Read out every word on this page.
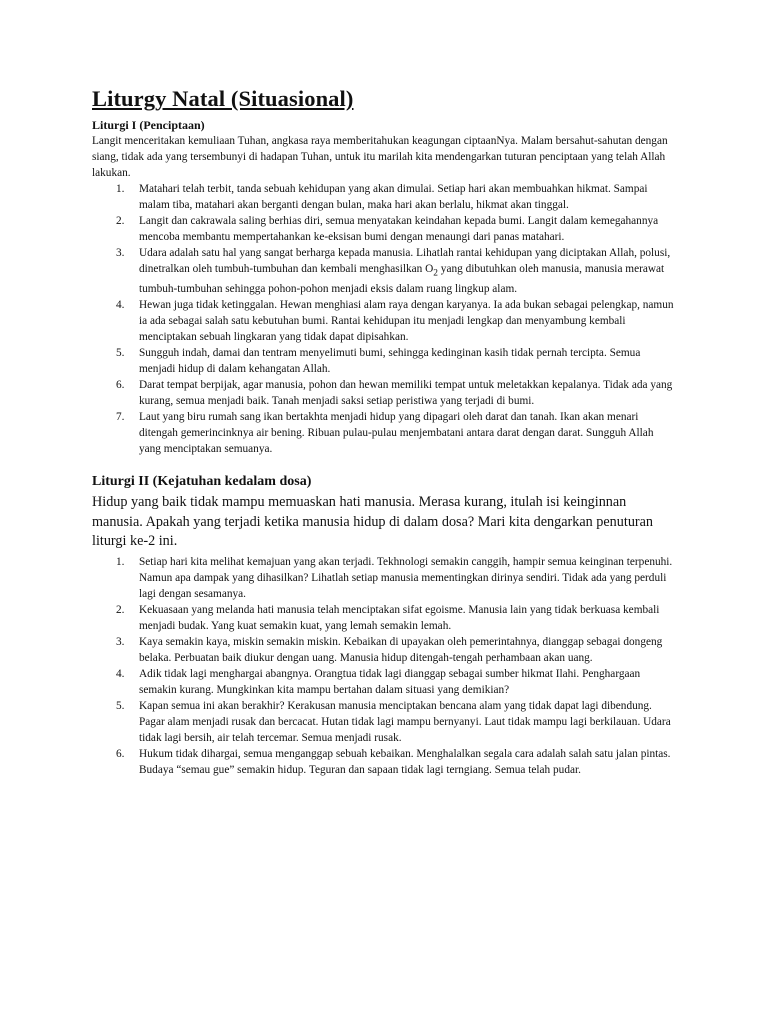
Liturgy Natal (Situasional)
Liturgi I (Penciptaan)

Langit menceritakan kemuliaan Tuhan, angkasa raya memberitahukan keagungan ciptaanNya. Malam bersahut-sahutan dengan siang, tidak ada yang tersembunyi di hadapan Tuhan, untuk itu marilah kita mendengarkan tuturan penciptaan yang telah Allah lakukan.

1. Matahari telah terbit, tanda sebuah kehidupan yang akan dimulai. Setiap hari akan membuahkan hikmat. Sampai malam tiba, matahari akan berganti dengan bulan, maka hari akan berlalu, hikmat akan tinggal.
2. Langit dan cakrawala saling berhias diri, semua menyatakan keindahan kepada bumi. Langit dalam kemegahannya mencoba membantu mempertahankan ke-eksisan bumi dengan menaungi dari panas matahari.
3. Udara adalah satu hal yang sangat berharga kepada manusia. Lihatlah rantai kehidupan yang diciptakan Allah, polusi, dinetralkan oleh tumbuh-tumbuhan dan kembali menghasilkan $O_2$ yang dibutuhkan oleh manusia, manusia merawat tumbuh-tumbuhan sehingga pohon-pohon menjadi eksis dalam ruang lingkup alam.
4. Hewan juga tidak ketinggalan. Hewan menghiasi alam raya dengan karyanya. Ia ada bukan sebagai pelengkap, namun ia ada sebagai salah satu kebutuhan bumi. Rantai kehidupan itu menjadi lengkap dan menyambung kembali menciptakan sebuah lingkaran yang tidak dapat dipisahkan.
5. Sungguh indah, damai dan tentram menyelimuti bumi, sehingga kedinginan kasih tidak pernah tercipta. Semua menjadi hidup di dalam kehangatan Allah.
6. Darat tempat berpijak, agar manusia, pohon dan hewan memiliki tempat untuk meletakkan kepalanya. Tidak ada yang kurang, semua menjadi baik. Tanah menjadi saksi setiap peristiwa yang terjadi di bumi.
7. Laut yang biru rumah sang ikan bertakhta menjadi hidup yang dipagari oleh darat dan tanah. Ikan akan menari ditengah gemerincinknya air bening. Ribuan pulau-pulau menjembatani antara darat dengan darat. Sungguh Allah yang menciptakan semuanya.
Liturgi II (Kejatuhan kedalam dosa)

Hidup yang baik tidak mampu memuaskan hati manusia. Merasa kurang, itulah isi keinginnan manusia. Apakah yang terjadi ketika manusia hidup di dalam dosa? Mari kita dengarkan penuturan liturgi ke-2 ini.

1. Setiap hari kita melihat kemajuan yang akan terjadi. Tekhnologi semakin canggih, hampir semua keinginan terpenuhi. Namun apa dampak yang dihasilkan? Lihatlah setiap manusia mementingkan dirinya sendiri. Tidak ada yang perduli lagi dengan sesamanya.
2. Kekuasaan yang melanda hati manusia telah menciptakan sifat egoisme. Manusia lain yang tidak berkuasa kembali menjadi budak. Yang kuat semakin kuat, yang lemah semakin lemah.
3. Kaya semakin kaya, miskin semakin miskin. Kebaikan di upayakan oleh pemerintahnya, dianggap sebagai dongeng belaka. Perbuatan baik diukur dengan uang. Manusia hidup ditengah-tengah perhambaan akan uang.
4. Adik tidak lagi menghargai abangnya. Orangtua tidak lagi dianggap sebagai sumber hikmat Ilahi. Penghargaan semakin kurang. Mungkinkan kita mampu bertahan dalam situasi yang demikian?
5. Kapan semua ini akan berakhir? Kerakusan manusia menciptakan bencana alam yang tidak dapat lagi dibendung. Pagar alam menjadi rusak dan bercacat. Hutan tidak lagi mampu bernyanyi. Laut tidak mampu lagi berkilauan. Udara tidak lagi bersih, air telah tercemar. Semua menjadi rusak.
6. Hukum tidak dihargai, semua menganggap sebuah kebaikan. Menghalalkan segala cara adalah salah satu jalan pintas. Budaya “semau gue” semakin hidup. Teguran dan sapaan tidak lagi terngiang. Semua telah pudar.
